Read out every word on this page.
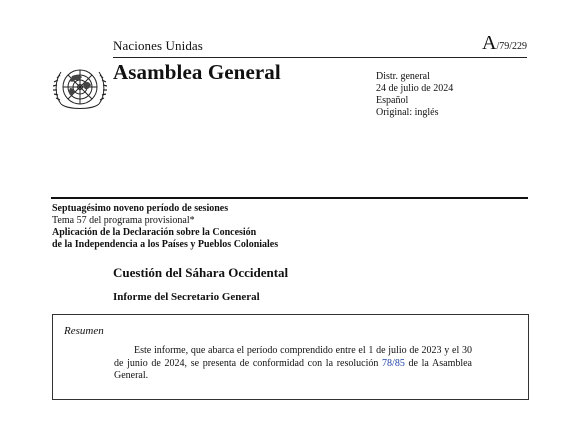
Naciones Unidas	A/79/229
Asamblea General	Distr. general
24 de julio de 2024
Español
Original: inglés
Septuagésimo noveno período de sesiones
Tema 57 del programa provisional*
Aplicación de la Declaración sobre la Concesión
de la Independencia a los Países y Pueblos Coloniales
Cuestión del Sáhara Occidental
Informe del Secretario General
Resumen
Este informe, que abarca el período comprendido entre el 1 de julio de 2023 y el 30 de junio de 2024, se presenta de conformidad con la resolución 78/85 de la Asamblea General.
